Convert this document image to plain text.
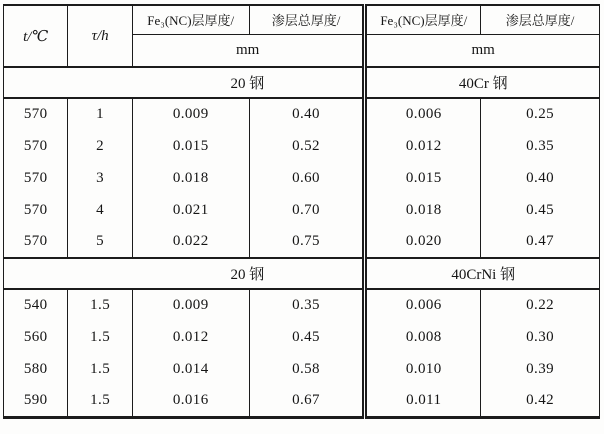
t/℃	τ/h	Fe₃(NC)层厚度/	渗层总厚度/	Fe₃(NC)层厚度/	渗层总厚度/
		mm		mm	
		20 钢		40Cr 钢	
570	1	0.009	0.40	0.006	0.25
570	2	0.015	0.52	0.012	0.35
570	3	0.018	0.60	0.015	0.40
570	4	0.021	0.70	0.018	0.45
570	5	0.022	0.75	0.020	0.47
		20 钢		40CrNi 钢	
540	1.5	0.009	0.35	0.006	0.22
560	1.5	0.012	0.45	0.008	0.30
580	1.5	0.014	0.58	0.010	0.39
590	1.5	0.016	0.67	0.011	0.42
